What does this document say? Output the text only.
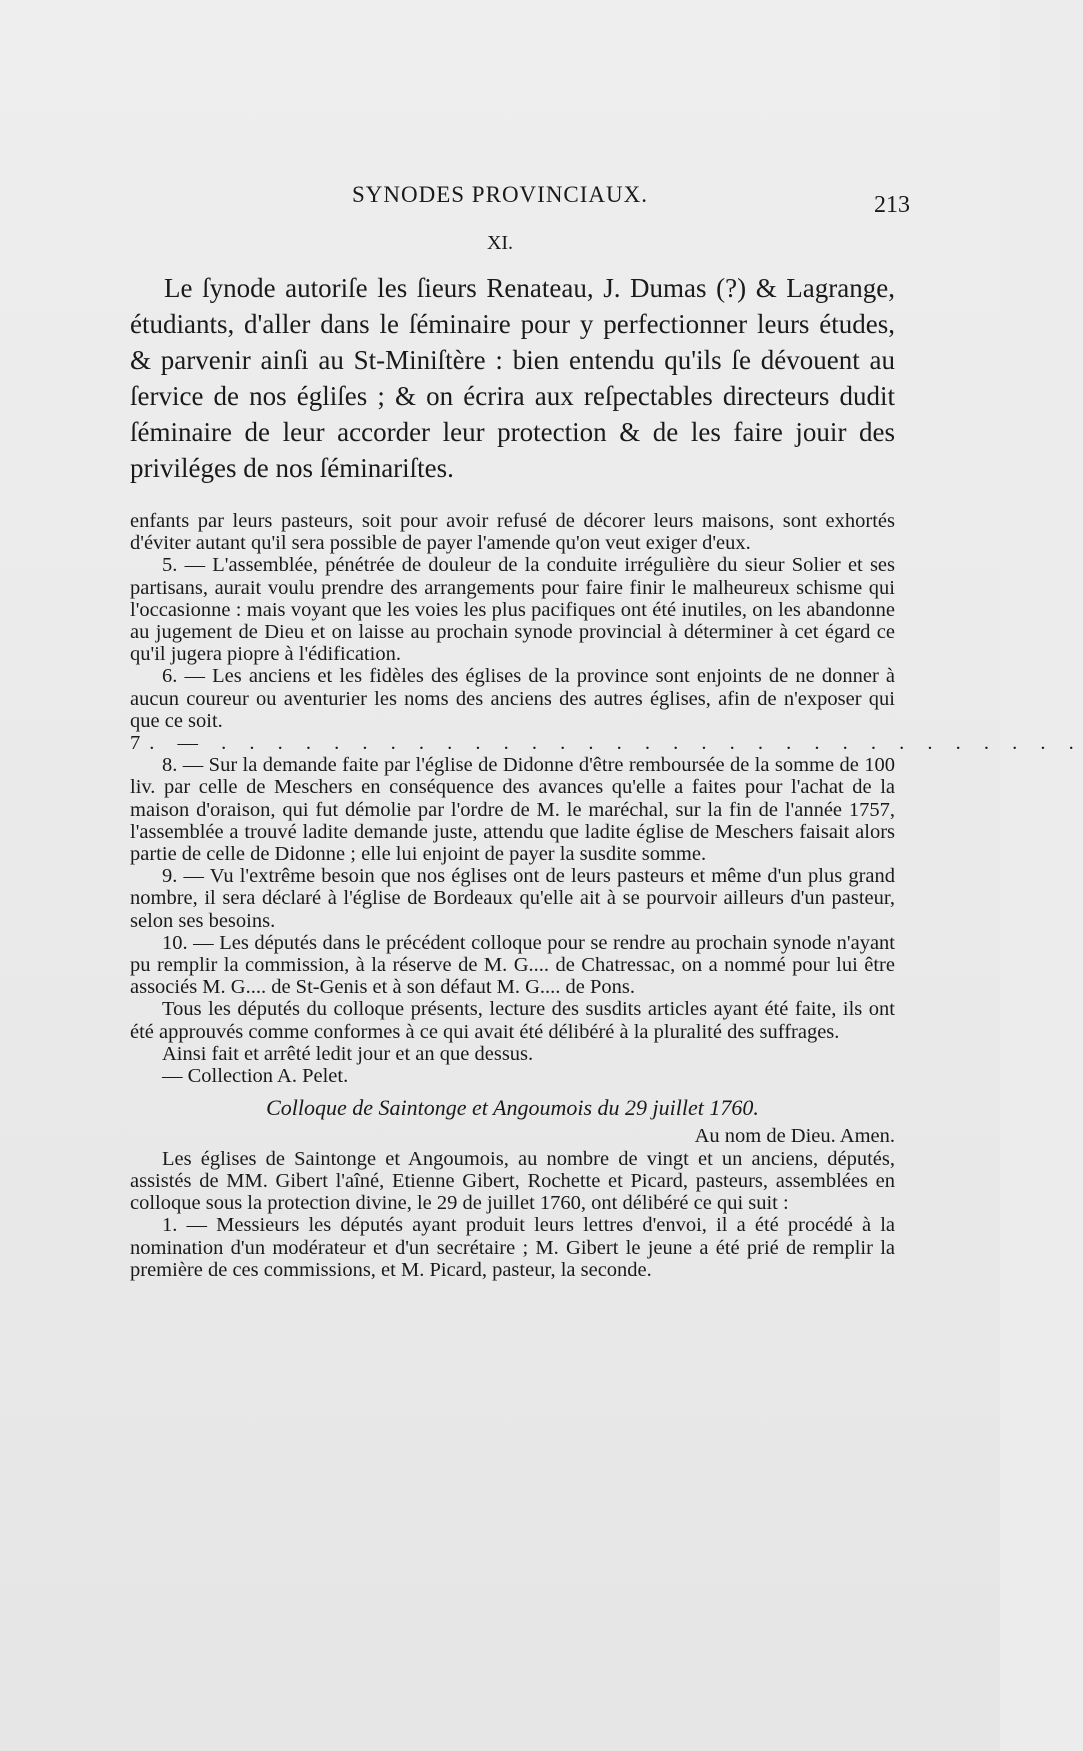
SYNODES PROVINCIAUX.	213
XI.

Le ſynode autoriſe les ſieurs Renateau, J. Dumas (?) & Lagrange, étudiants, d'aller dans le ſéminaire pour y perfectionner leurs études, & parvenir ainſi au St-Miniſtère : bien entendu qu'ils ſe dévouent au ſervice de nos égliſes ; & on écrira aux reſpectables directeurs dudit ſéminaire de leur accorder leur protection & de les faire jouir des priviléges de nos ſéminariſtes.

enfants par leurs pasteurs, soit pour avoir refusé de décorer leurs maisons, sont exhortés d'éviter autant qu'il sera possible de payer l'amende qu'on veut exiger d'eux.

5. — L'assemblée, pénétrée de douleur de la conduite irrégulière du sieur Solier et ses partisans, aurait voulu prendre des arrangements pour faire finir le malheureux schisme qui l'occasionne : mais voyant que les voies les plus pacifiques ont été inutiles, on les abandonne au jugement de Dieu et on laisse au prochain synode provincial à déterminer à cet égard ce qu'il jugera piopre à l'édification.

6. — Les anciens et les fidèles des églises de la province sont enjoints de ne donner à aucun coureur ou aventurier les noms des anciens des autres églises, afin de n'exposer qui que ce soit.

7. — . . . . . . . . . . . . . . . . . . . . . . . . . . . . . . .

8. — Sur la demande faite par l'église de Didonne d'être remboursée de la somme de 100 liv. par celle de Meschers en conséquence des avances qu'elle a faites pour l'achat de la maison d'oraison, qui fut démolie par l'ordre de M. le maréchal, sur la fin de l'année 1757, l'assemblée a trouvé ladite demande juste, attendu que ladite église de Meschers faisait alors partie de celle de Didonne ; elle lui enjoint de payer la susdite somme.

9. — Vu l'extrême besoin que nos églises ont de leurs pasteurs et même d'un plus grand nombre, il sera déclaré à l'église de Bordeaux qu'elle ait à se pourvoir ailleurs d'un pasteur, selon ses besoins.

10. — Les députés dans le précédent colloque pour se rendre au prochain synode n'ayant pu remplir la commission, à la réserve de M. G.... de Chatressac, on a nommé pour lui être associés M. G.... de St-Genis et à son défaut M. G.... de Pons.

Tous les députés du colloque présents, lecture des susdits articles ayant été faite, ils ont été approuvés comme conformes à ce qui avait été délibéré à la pluralité des suffrages.

Ainsi fait et arrêté ledit jour et an que dessus.

— Collection A. Pelet.

Colloque de Saintonge et Angoumois du 29 juillet 1760.

Au nom de Dieu. Amen.

Les églises de Saintonge et Angoumois, au nombre de vingt et un anciens, députés, assistés de MM. Gibert l'aîné, Etienne Gibert, Rochette et Picard, pasteurs, assemblées en colloque sous la protection divine, le 29 de juillet 1760, ont délibéré ce qui suit :

1. — Messieurs les députés ayant produit leurs lettres d'envoi, il a été procédé à la nomination d'un modérateur et d'un secrétaire ; M. Gibert le jeune a été prié de remplir la première de ces commissions, et M. Picard, pasteur, la seconde.
